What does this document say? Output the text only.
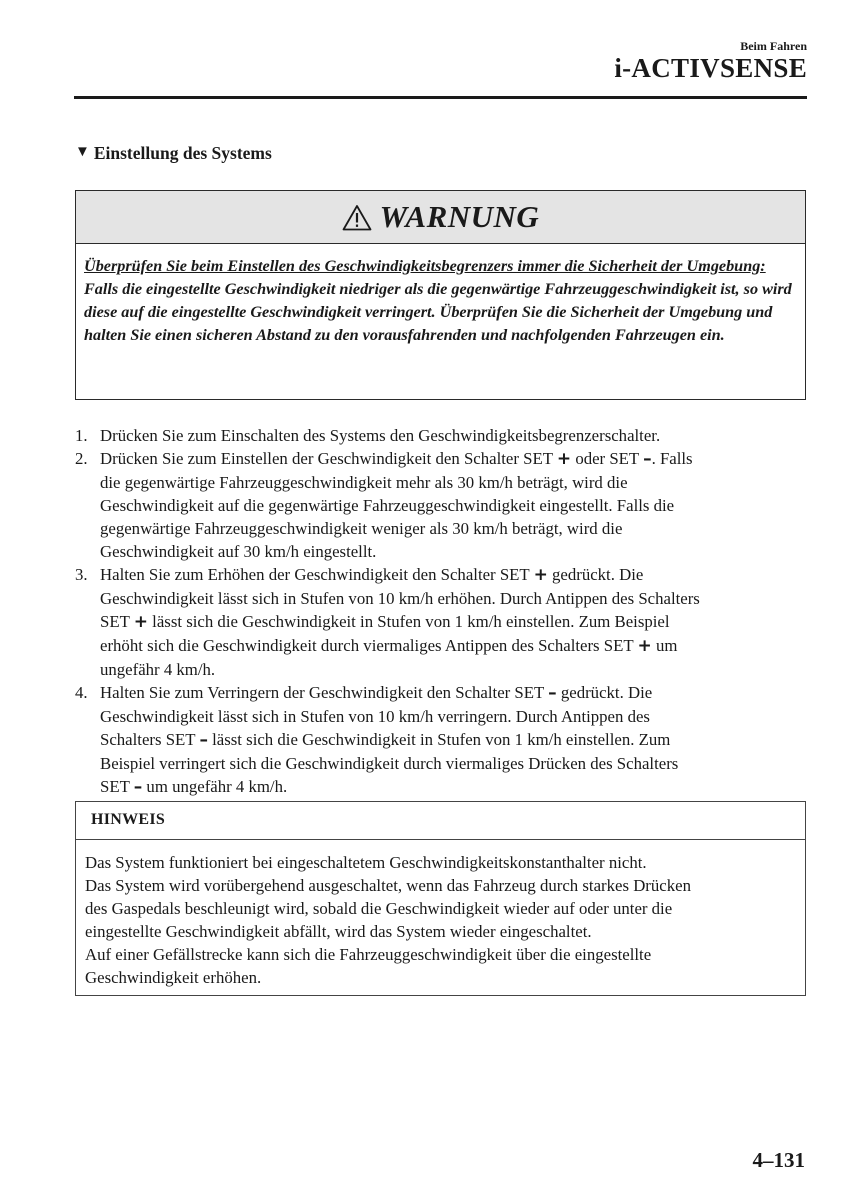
Beim Fahren
i-ACTIVSENSE
▼ Einstellung des Systems
WARNUNG
Überprüfen Sie beim Einstellen des Geschwindigkeitsbegrenzers immer die Sicherheit der Umgebung:
Falls die eingestellte Geschwindigkeit niedriger als die gegenwärtige Fahrzeuggeschwindigkeit ist, so wird diese auf die eingestellte Geschwindigkeit verringert. Überprüfen Sie die Sicherheit der Umgebung und halten Sie einen sicheren Abstand zu den vorausfahrenden und nachfolgenden Fahrzeugen ein.
1. Drücken Sie zum Einschalten des Systems den Geschwindigkeitsbegrenzerschalter.
2. Drücken Sie zum Einstellen der Geschwindigkeit den Schalter SET + oder SET –. Falls
die gegenwärtige Fahrzeuggeschwindigkeit mehr als 30 km/h beträgt, wird die
Geschwindigkeit auf die gegenwärtige Fahrzeuggeschwindigkeit eingestellt. Falls die
gegenwärtige Fahrzeuggeschwindigkeit weniger als 30 km/h beträgt, wird die
Geschwindigkeit auf 30 km/h eingestellt.
3. Halten Sie zum Erhöhen der Geschwindigkeit den Schalter SET + gedrückt. Die
Geschwindigkeit lässt sich in Stufen von 10 km/h erhöhen. Durch Antippen des Schalters
SET + lässt sich die Geschwindigkeit in Stufen von 1 km/h einstellen. Zum Beispiel
erhöht sich die Geschwindigkeit durch viermaliges Antippen des Schalters SET + um
ungefähr 4 km/h.
4. Halten Sie zum Verringern der Geschwindigkeit den Schalter SET – gedrückt. Die
Geschwindigkeit lässt sich in Stufen von 10 km/h verringern. Durch Antippen des
Schalters SET – lässt sich die Geschwindigkeit in Stufen von 1 km/h einstellen. Zum
Beispiel verringert sich die Geschwindigkeit durch viermaliges Drücken des Schalters
SET – um ungefähr 4 km/h.
HINWEIS
Das System funktioniert bei eingeschaltetem Geschwindigkeitskonstanthalter nicht.
Das System wird vorübergehend ausgeschaltet, wenn das Fahrzeug durch starkes Drücken
des Gaspedals beschleunigt wird, sobald die Geschwindigkeit wieder auf oder unter die
eingestellte Geschwindigkeit abfällt, wird das System wieder eingeschaltet.
Auf einer Gefällstrecke kann sich die Fahrzeuggeschwindigkeit über die eingestellte
Geschwindigkeit erhöhen.
4–131
